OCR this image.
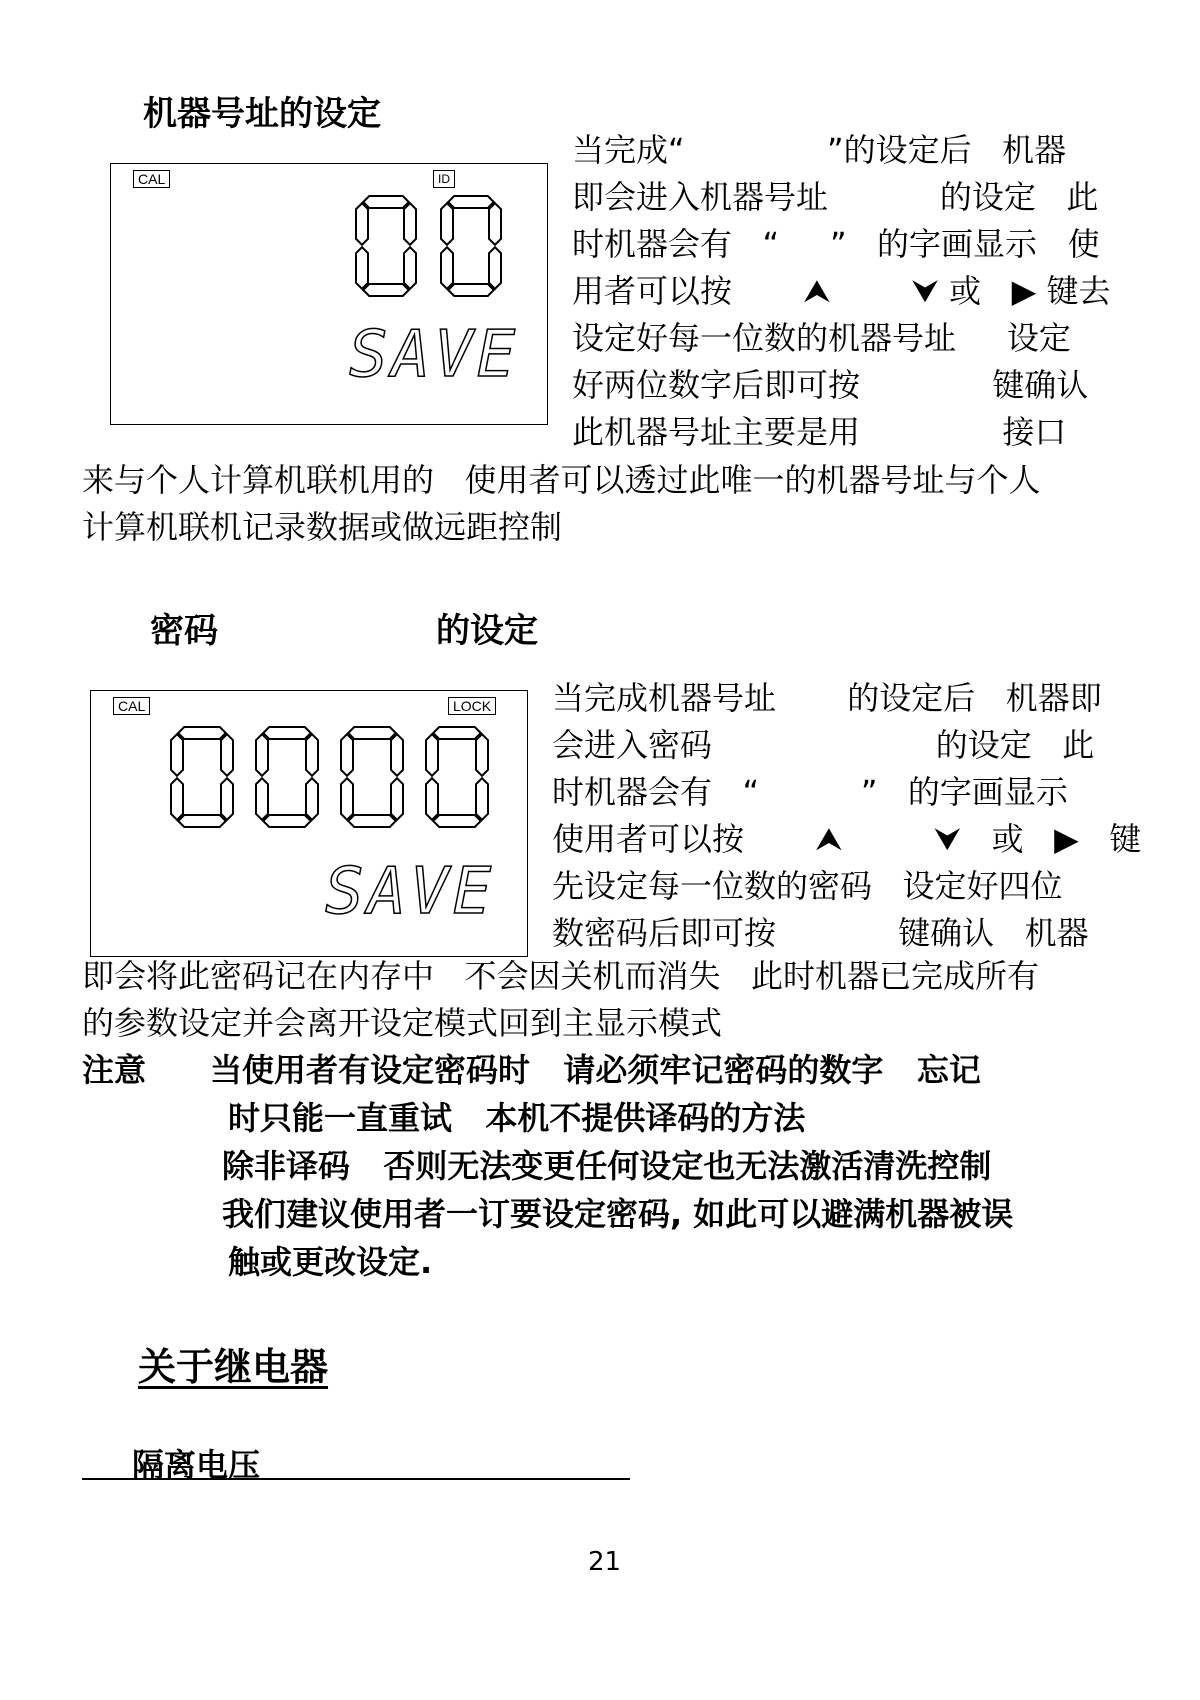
机器号址的设定
CAL	ID
SAVE
当完成“              ”的设定后   机器
即会进入机器号址           的设定   此
时机器会有   “     ”   的字画显示   使
用者可以按       ⮝        ⮟ 或   ▶ 键去
设定好每一位数的机器号址     设定
好两位数字后即可按             键确认
此机器号址主要是用              接口
来与个人计算机联机用的   使用者可以透过此唯一的机器号址与个人
计算机联机记录数据或做远距控制
密码	的设定
CAL	LOCK
SAVE
当完成机器号址       的设定后   机器即
会进入密码                      的设定   此
时机器会有   “          ”   的字画显示
使用者可以按       ⮝         ⮟   或   ▶   键
先设定每一位数的密码   设定好四位
数密码后即可按            键确认   机器
即会将此密码记在内存中   不会因关机而消失   此时机器已完成所有
的参数设定并会离开设定模式回到主显示模式
注意 当使用者有设定密码时   请必须牢记密码的数字   忘记
时只能一直重试   本机不提供译码的方法
除非译码   否则无法变更任何设定也无法激活清洗控制
我们建议使用者一订要设定密码, 如此可以避满机器被误
触或更改设定.
关于继电器
隔离电压
21
